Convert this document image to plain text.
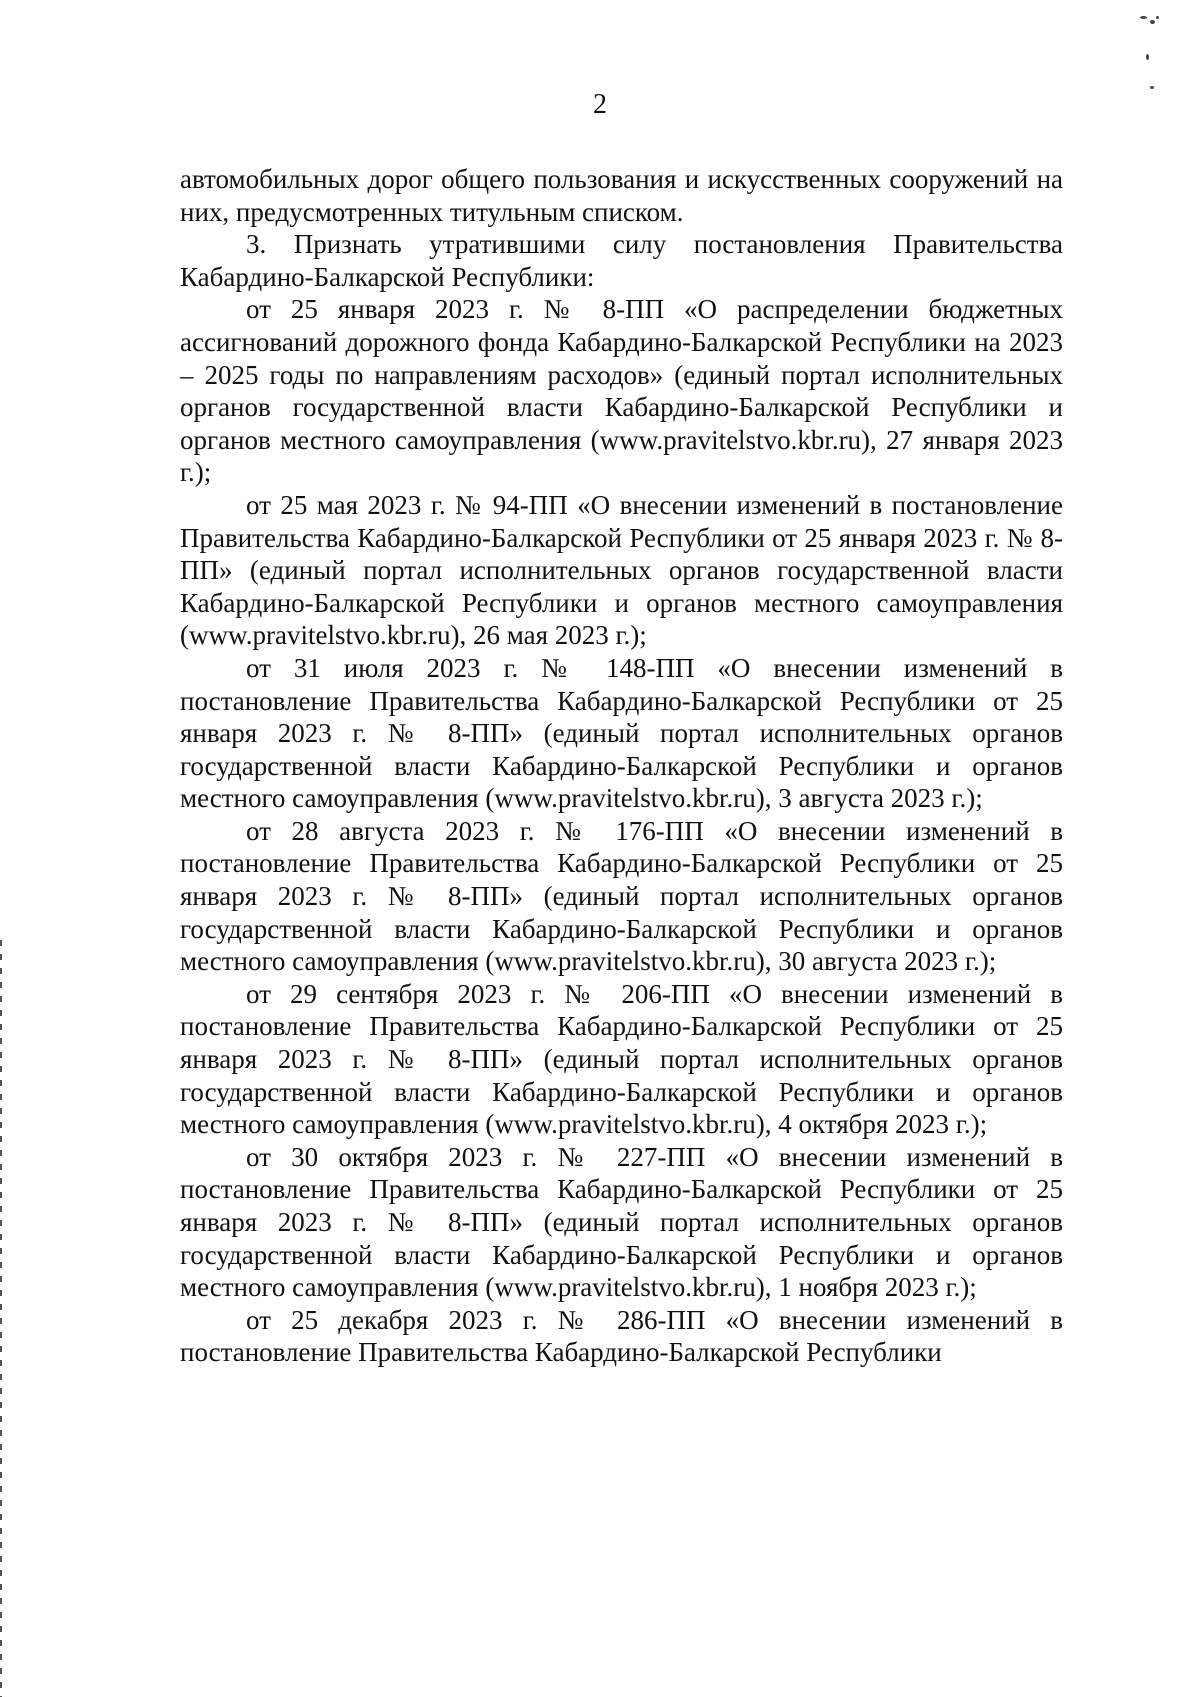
2

автомобильных дорог общего пользования и искусственных сооружений на них, предусмотренных титульным списком.

3. Признать утратившими силу постановления Правительства Кабардино-Балкарской Республики:

от 25 января 2023 г. № 8-ПП «О распределении бюджетных ассигнований дорожного фонда Кабардино-Балкарской Республики на 2023 – 2025 годы по направлениям расходов» (единый портал исполнительных органов государственной власти Кабардино-Балкарской Республики и органов местного самоуправления (www.pravitelstvo.kbr.ru), 27 января 2023 г.);

от 25 мая 2023 г. № 94-ПП «О внесении изменений в постановление Правительства Кабардино-Балкарской Республики от 25 января 2023 г. № 8-ПП» (единый портал исполнительных органов государственной власти Кабардино-Балкарской Республики и органов местного самоуправления (www.pravitelstvo.kbr.ru), 26 мая 2023 г.);

от 31 июля 2023 г. № 148-ПП «О внесении изменений в постановление Правительства Кабардино-Балкарской Республики от 25 января 2023 г. № 8-ПП» (единый портал исполнительных органов государственной власти Кабардино-Балкарской Республики и органов местного самоуправления (www.pravitelstvo.kbr.ru), 3 августа 2023 г.);

от 28 августа 2023 г. № 176-ПП «О внесении изменений в постановление Правительства Кабардино-Балкарской Республики от 25 января 2023 г. № 8-ПП» (единый портал исполнительных органов государственной власти Кабардино-Балкарской Республики и органов местного самоуправления (www.pravitelstvo.kbr.ru), 30 августа 2023 г.);

от 29 сентября 2023 г. № 206-ПП «О внесении изменений в постановление Правительства Кабардино-Балкарской Республики от 25 января 2023 г. № 8-ПП» (единый портал исполнительных органов государственной власти Кабардино-Балкарской Республики и органов местного самоуправления (www.pravitelstvo.kbr.ru), 4 октября 2023 г.);

от 30 октября 2023 г. № 227-ПП «О внесении изменений в постановление Правительства Кабардино-Балкарской Республики от 25 января 2023 г. № 8-ПП» (единый портал исполнительных органов государственной власти Кабардино-Балкарской Республики и органов местного самоуправления (www.pravitelstvo.kbr.ru), 1 ноября 2023 г.);

от 25 декабря 2023 г. № 286-ПП «О внесении изменений в постановление Правительства Кабардино-Балкарской Республики
